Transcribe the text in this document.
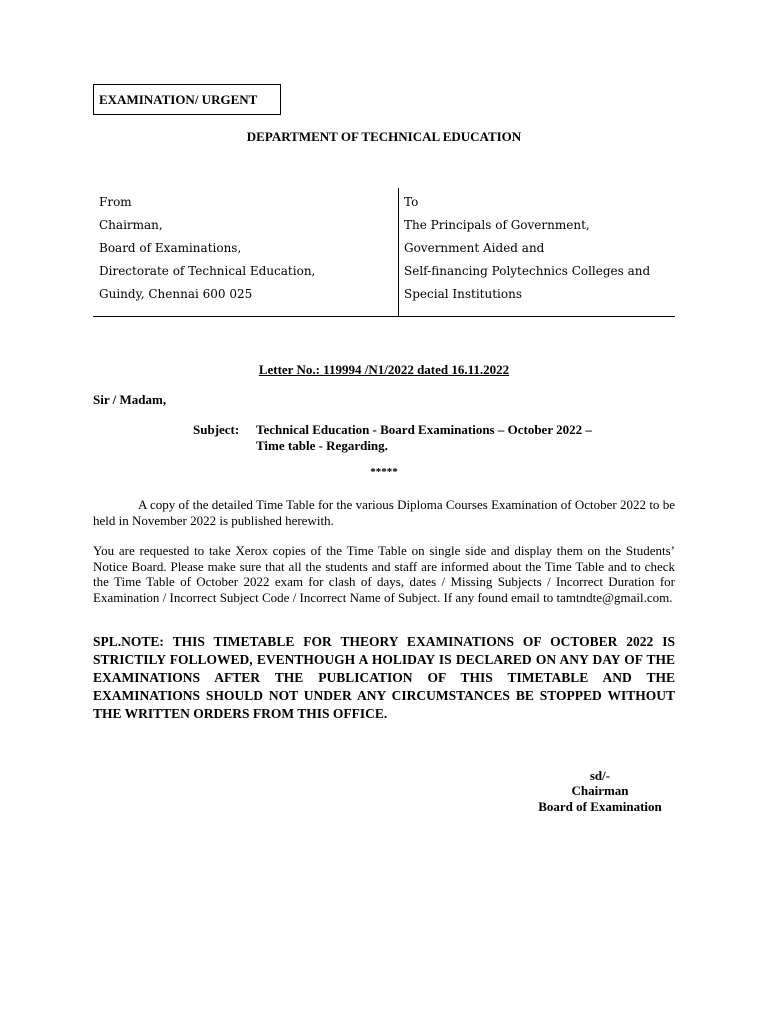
EXAMINATION/ URGENT
DEPARTMENT OF TECHNICAL EDUCATION
From
Chairman,
Board of Examinations,
Directorate of Technical Education,
Guindy, Chennai 600 025
To
The Principals of Government,
Government Aided and
Self-financing Polytechnics Colleges and
Special Institutions
Letter No.: 119994 /N1/2022 dated 16.11.2022
Sir / Madam,
Subject: Technical Education - Board Examinations – October 2022 –
Time table - Regarding.
*****
A copy of the detailed Time Table for the various Diploma Courses Examination of October 2022 to be held in November 2022 is published herewith.
You are requested to take Xerox copies of the Time Table on single side and display them on the Students’ Notice Board. Please make sure that all the students and staff are informed about the Time Table and to check the Time Table of October 2022 exam for clash of days, dates / Missing Subjects / Incorrect Duration for Examination / Incorrect Subject Code / Incorrect Name of Subject. If any found email to tamtndte@gmail.com.
SPL.NOTE: THIS TIMETABLE FOR THEORY EXAMINATIONS OF OCTOBER 2022 IS STRICTILY FOLLOWED, EVENTHOUGH A HOLIDAY IS DECLARED ON ANY DAY OF THE EXAMINATIONS AFTER THE PUBLICATION OF THIS TIMETABLE AND THE EXAMINATIONS SHOULD NOT UNDER ANY CIRCUMSTANCES BE STOPPED WITHOUT THE WRITTEN ORDERS FROM THIS OFFICE.
sd/-
Chairman
Board of Examination
